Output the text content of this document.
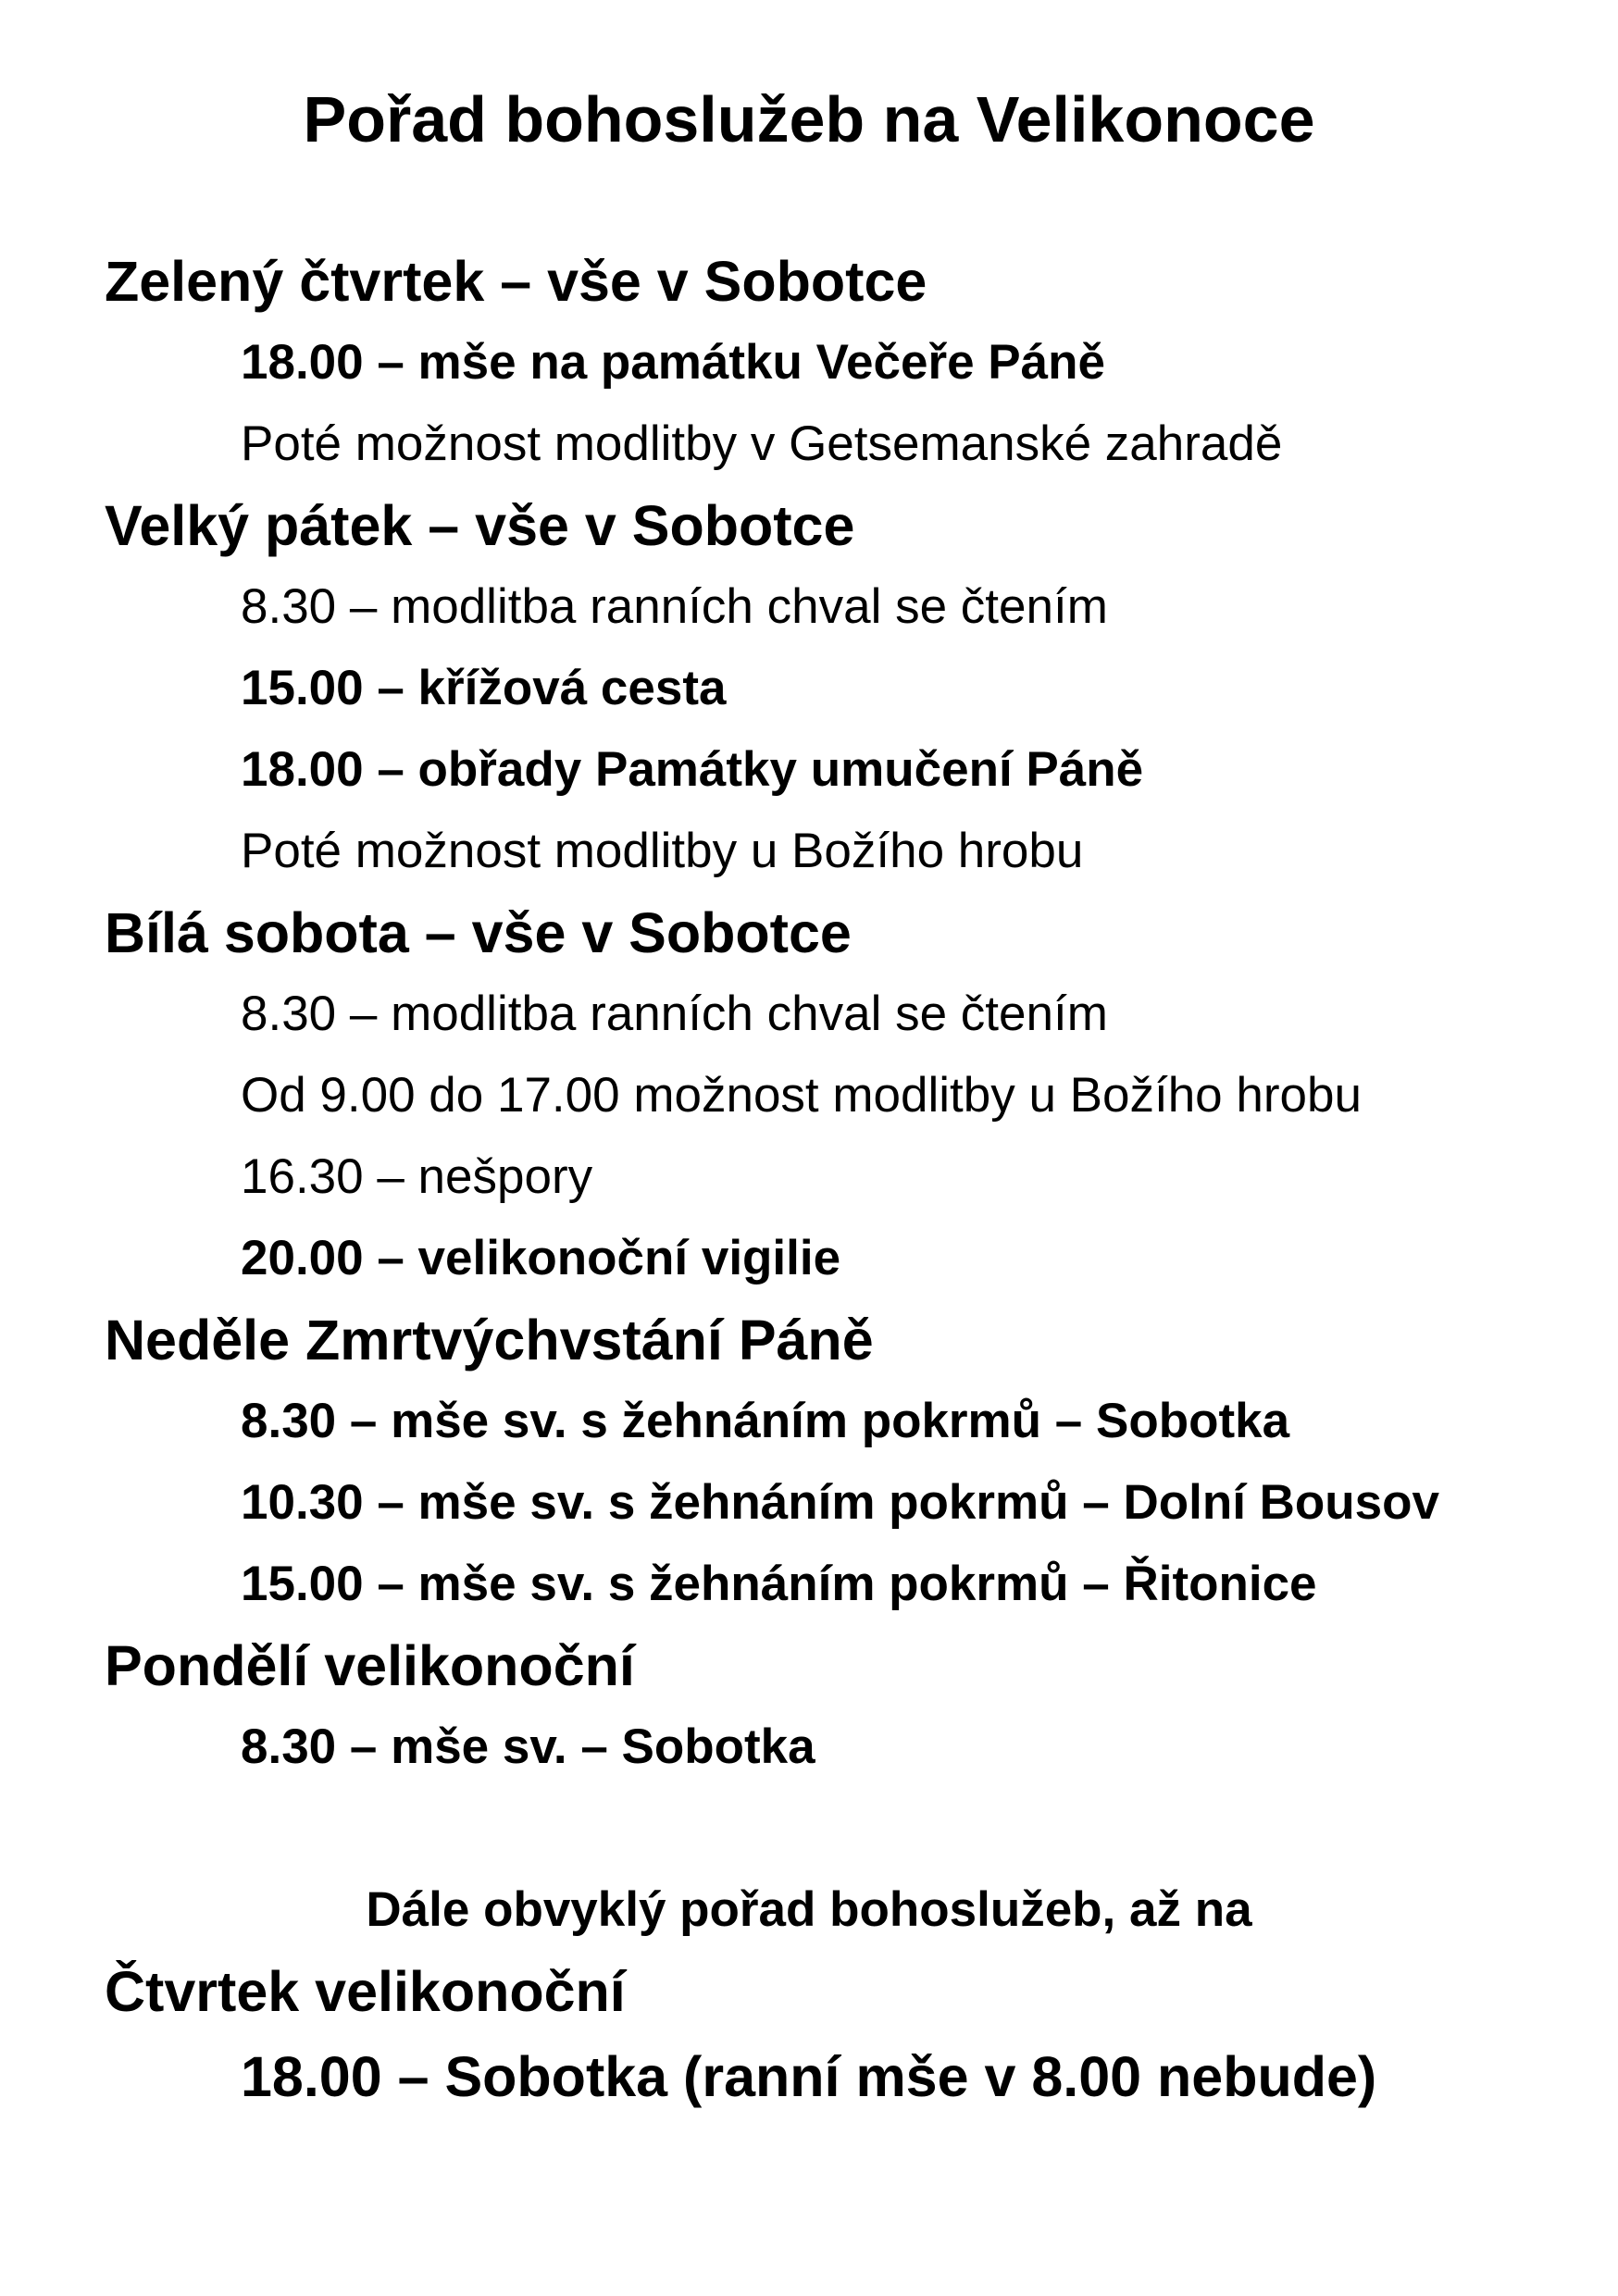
Pořad bohoslužeb na Velikonoce
Zelený čtvrtek – vše v Sobotce
18.00 – mše na památku Večeře Páně
Poté možnost modlitby v Getsemanské zahradě
Velký pátek – vše v Sobotce
8.30 – modlitba ranních chval se čtením
15.00 – křížová cesta
18.00 – obřady Památky umučení Páně
Poté možnost modlitby u Božího hrobu
Bílá sobota – vše v Sobotce
8.30 – modlitba ranních chval se čtením
Od 9.00 do 17.00 možnost modlitby u Božího hrobu
16.30 – nešpory
20.00 – velikonoční vigilie
Neděle Zmrtvýchvstání Páně
8.30 – mše sv. s žehnáním pokrmů – Sobotka
10.30 – mše sv. s žehnáním pokrmů – Dolní Bousov
15.00 – mše sv. s žehnáním pokrmů – Řitonice
Pondělí velikonoční
8.30 – mše sv. – Sobotka
Dále obvyklý pořad bohoslužeb, až na
Čtvrtek velikonoční
18.00 – Sobotka (ranní mše v 8.00 nebude)
